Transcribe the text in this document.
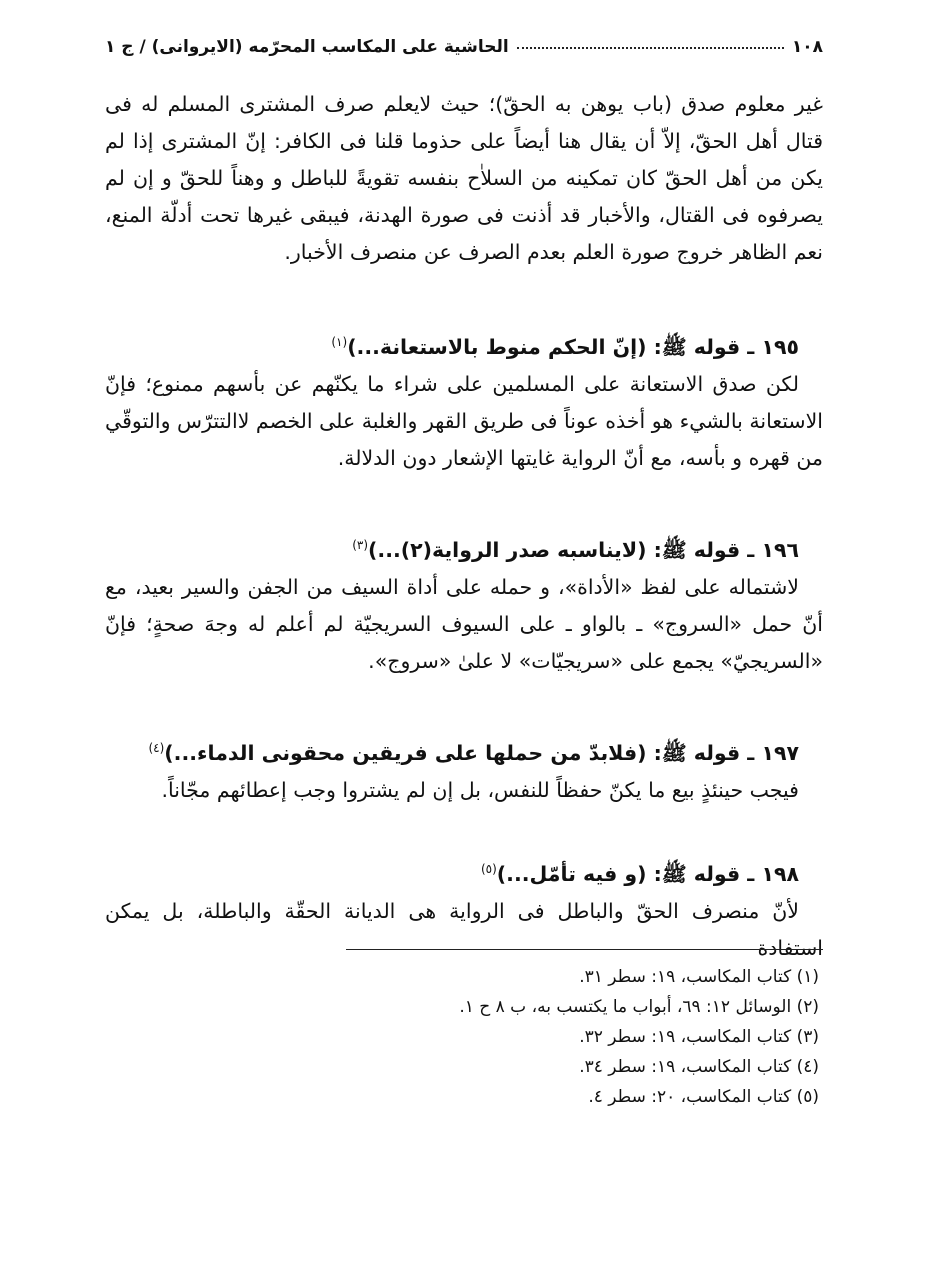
١٠٨
الحاشية على المكاسب المحرّمه (الايروانى) / ج ١

غير معلوم صدق (باب يوهن به الحقّ)؛ حيث لايعلم صرف المشترى المسلم له فى قتال أهل الحقّ، إلاّ أن يقال هنا أيضاً على حذوما قلنا فى الكافر: إنّ المشترى إذا لم يكن من أهل الحقّ كان تمكينه من السلاٰح بنفسه تقويةً للباطل و وهناً للحقّ و إن لم يصرفوه فى القتال، والأخبار قد أذنت فى صورة الهدنة، فيبقى غيرها تحت أدلّة المنع، نعم الظاهر خروج صورة العلم بعدم الصرف عن منصرف الأخبار.

١٩٥ ـ قوله ﷺ: (إنّ الحكم منوط بالاستعانة...)$^{(١)}$

لكن صدق الاستعانة على المسلمين على شراء ما يكنّهم عن بأسهم ممنوع؛ فإنّ الاستعانة بالشيء هو أخذه عوناً فى طريق القهر والغلبة على الخصم لاالتترّس والتوقّي من قهره و بأسه، مع أنّ الرواية غايتها الإشعار دون الدلالة.

١٩٦ ـ قوله ﷺ: (لايناسبه صدر الرواية(٢)...)$^{(٣)}$

لاشتماله على لفظ «الأداة»، و حمله على أداة السيف من الجفن والسير بعيد، مع أنّ حمل «السروج» ـ بالواو ـ على السيوف السريجيّة لم أعلم له وجهَ صحةٍ؛ فإنّ «السريجيّ» يجمع على «سريجيّات» لا علىٰ «سروج».

١٩٧ ـ قوله ﷺ: (فلابدّ من حملها على فريقين محقونى الدماء...)$^{(٤)}$

فيجب حينئذٍ بيع ما يكنّ حفظاً للنفس، بل إن لم يشتروا وجب إعطائهم مجّاناً.

١٩٨ ـ قوله ﷺ: (و فيه تأمّل...)$^{(٥)}$

لأنّ منصرف الحقّ والباطل فى الرواية هى الديانة الحقّة والباطلة، بل يمكن استفادة

(١) كتاب المكاسب، ١٩: سطر ٣١.

(٢) الوسائل ١٢: ٦٩، أبواب ما يكتسب به، ب ٨ ح ١.

(٣) كتاب المكاسب، ١٩: سطر ٣٢.

(٤) كتاب المكاسب، ١٩: سطر ٣٤.

(٥) كتاب المكاسب، ٢٠: سطر ٤.
